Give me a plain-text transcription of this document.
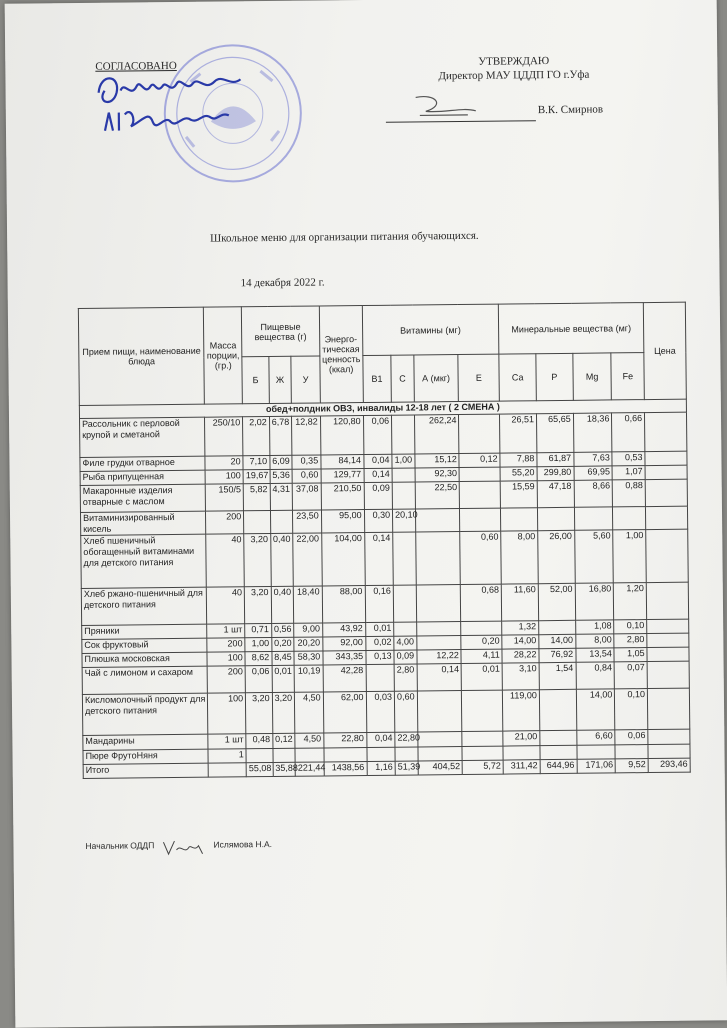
СОГЛАСОВАНО	УТВЕРЖДАЮ
Директор МАУ ЦДДП ГО г.Уфа
В.К. Смирнов
Школьное меню для организации питания обучающихся.
14 декабря 2022 г.
Прием пищи, наименование блюда	Масса порции, (гр.)	Пищевые вещества (г)			Энерго-тическая ценность (ккал)	Витамины (мг)				Минеральные вещества (мг)				Цена
		Б	Ж	У		В1	С	А (мкг)	Е	Са	Р	Mg	Fe	
обед+полдник ОВЗ, инвалиды 12-18 лет ( 2 СМЕНА )														
Рассольник с перловой крупой и сметаной	250/10	2,02	6,78	12,82	120,80	0,06		262,24		26,51	65,65	18,36	0,66	
Филе грудки отварное	20	7,10	6,09	0,35	84,14	0,04	1,00	15,12	0,12	7,88	61,87	7,63	0,53	
Рыба припущенная	100	19,67	5,36	0,60	129,77	0,14		92,30		55,20	299,80	69,95	1,07	
Макаронные изделия отварные с маслом	150/5	5,82	4,31	37,08	210,50	0,09		22,50		15,59	47,18	8,66	0,88	
Витаминизированный кисель	200			23,50	95,00	0,30	20,10							
Хлеб пшеничный обогащенный витаминами для детского питания	40	3,20	0,40	22,00	104,00	0,14			0,60	8,00	26,00	5,60	1,00	
Хлеб ржано-пшеничный для детского питания	40	3,20	0,40	18,40	88,00	0,16			0,68	11,60	52,00	16,80	1,20	
Пряники	1 шт	0,71	0,56	9,00	43,92	0,01				1,32		1,08	0,10	
Сок фруктовый	200	1,00	0,20	20,20	92,00	0,02	4,00		0,20	14,00	14,00	8,00	2,80	
Плюшка московская	100	8,62	8,45	58,30	343,35	0,13	0,09	12,22	4,11	28,22	76,92	13,54	1,05	
Чай с лимоном и сахаром	200	0,06	0,01	10,19	42,28		2,80	0,14	0,01	3,10	1,54	0,84	0,07	
Кисломолочный продукт для детского питания	100	3,20	3,20	4,50	62,00	0,03	0,60			119,00		14,00	0,10	
Мандарины	1 шт	0,48	0,12	4,50	22,80	0,04	22,80			21,00		6,60	0,06	
Пюре ФрутоНяня	1													
Итого		55,08	35,88	221,44	1438,56	1,16	51,39	404,52	5,72	311,42	644,96	171,06	9,52	293,46
Начальник ОДДП	Ислямова Н.А.
